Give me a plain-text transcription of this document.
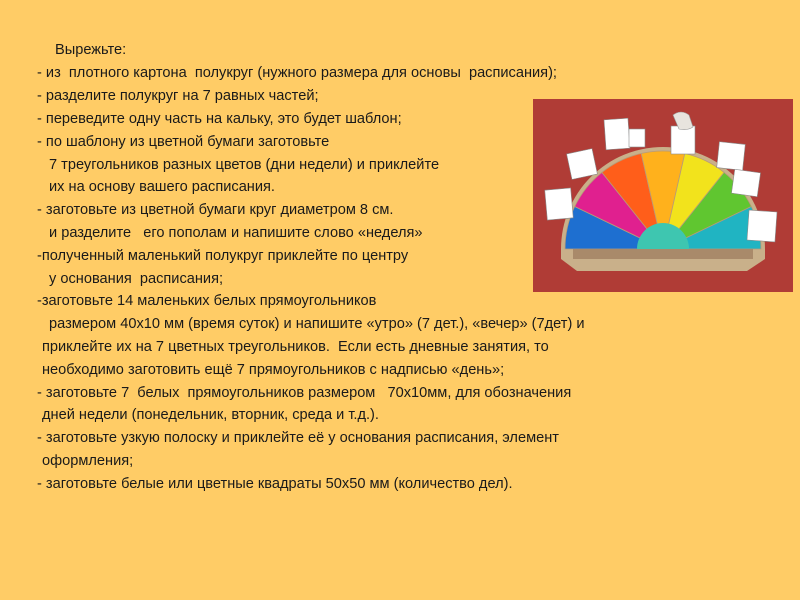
Вырежьте:
- из  плотного картона  полукруг (нужного размера для основы  расписания);
- разделите полукруг на 7 равных частей;
- переведите одну часть на кальку, это будет шаблон;
- по шаблону из цветной бумаги заготовьте
7 треугольников разных цветов (дни недели) и приклейте
их на основу вашего расписания.
- заготовьте из цветной бумаги круг диаметром 8 см.
и разделите   его пополам и напишите слово «неделя»
-полученный маленький полукруг приклейте по центру
у основания  расписания;
-заготовьте 14 маленьких белых прямоугольников
размером 40х10 мм (время суток) и напишите «утро» (7 дет.), «вечер» (7дет) и
приклейте их на 7 цветных треугольников.  Если есть дневные занятия, то
необходимо заготовить ещё 7 прямоугольников с надписью «день»;
- заготовьте 7  белых  прямоугольников размером   70х10мм, для обозначения
дней недели (понедельник, вторник, среда и т.д.).
- заготовьте узкую полоску и приклейте её у основания расписания, элемент
оформления;
- заготовьте белые или цветные квадраты 50х50 мм (количество дел).
